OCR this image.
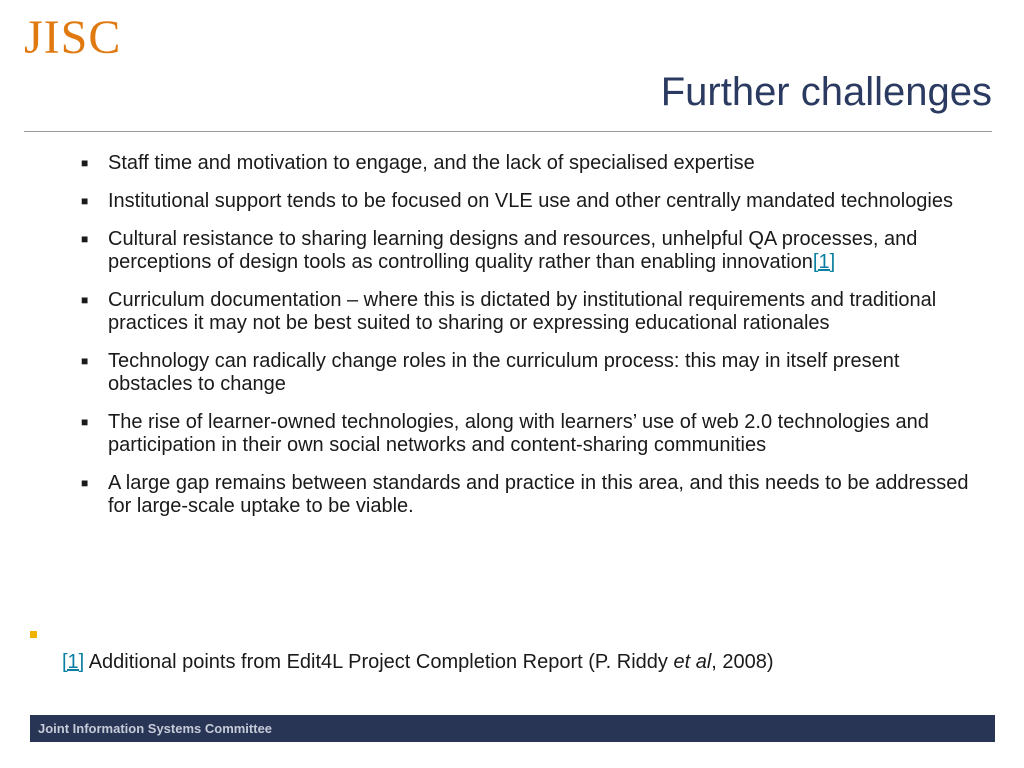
JISC
Further challenges
■ Staff time and motivation to engage, and the lack of specialised expertise
■ Institutional support tends to be focused on VLE use and other centrally mandated technologies
■ Cultural resistance to sharing learning designs and resources, unhelpful QA processes, and perceptions of design tools as controlling quality rather than enabling innovation[1]
■ Curriculum documentation – where this is dictated by institutional requirements and traditional practices it may not be best suited to sharing or expressing educational rationales
■ Technology can radically change roles in the curriculum process: this may in itself present obstacles to change
■ The rise of learner-owned technologies, along with learners’ use of web 2.0 technologies and participation in their own social networks and content-sharing communities
■ A large gap remains between standards and practice in this area, and this needs to be addressed for large-scale uptake to be viable.
[1] Additional points from Edit4L Project Completion Report (P. Riddy et al, 2008)
Joint Information Systems Committee
